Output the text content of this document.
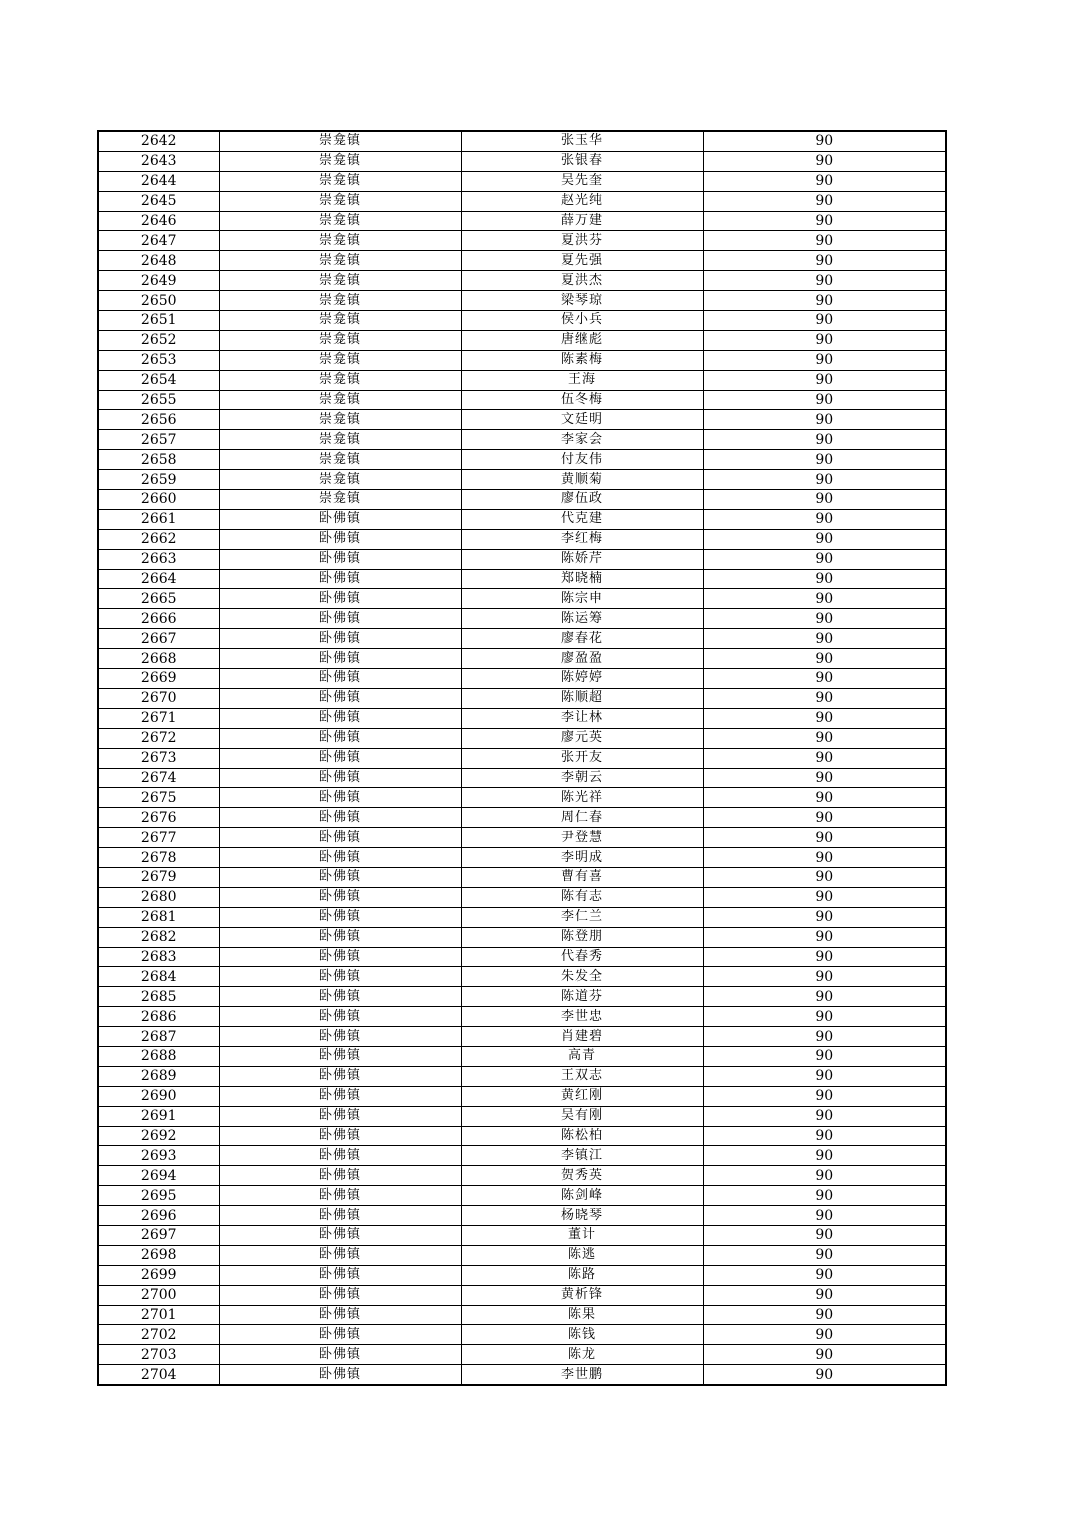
2642	崇龛镇	张玉华	90
2643	崇龛镇	张银春	90
2644	崇龛镇	吴先奎	90
2645	崇龛镇	赵光纯	90
2646	崇龛镇	薛万建	90
2647	崇龛镇	夏洪芬	90
2648	崇龛镇	夏先强	90
2649	崇龛镇	夏洪杰	90
2650	崇龛镇	梁琴琼	90
2651	崇龛镇	侯小兵	90
2652	崇龛镇	唐继彪	90
2653	崇龛镇	陈素梅	90
2654	崇龛镇	王海	90
2655	崇龛镇	伍冬梅	90
2656	崇龛镇	文廷明	90
2657	崇龛镇	李家会	90
2658	崇龛镇	付友伟	90
2659	崇龛镇	黄顺菊	90
2660	崇龛镇	廖伍政	90
2661	卧佛镇	代克建	90
2662	卧佛镇	李红梅	90
2663	卧佛镇	陈娇芹	90
2664	卧佛镇	郑晓楠	90
2665	卧佛镇	陈宗申	90
2666	卧佛镇	陈运筹	90
2667	卧佛镇	廖春花	90
2668	卧佛镇	廖盈盈	90
2669	卧佛镇	陈婷婷	90
2670	卧佛镇	陈顺超	90
2671	卧佛镇	李让林	90
2672	卧佛镇	廖元英	90
2673	卧佛镇	张开友	90
2674	卧佛镇	李朝云	90
2675	卧佛镇	陈光祥	90
2676	卧佛镇	周仁春	90
2677	卧佛镇	尹登慧	90
2678	卧佛镇	李明成	90
2679	卧佛镇	曹有喜	90
2680	卧佛镇	陈有志	90
2681	卧佛镇	李仁兰	90
2682	卧佛镇	陈登朋	90
2683	卧佛镇	代春秀	90
2684	卧佛镇	朱发全	90
2685	卧佛镇	陈道芬	90
2686	卧佛镇	李世忠	90
2687	卧佛镇	肖建碧	90
2688	卧佛镇	高青	90
2689	卧佛镇	王双志	90
2690	卧佛镇	黄红刚	90
2691	卧佛镇	吴有刚	90
2692	卧佛镇	陈松柏	90
2693	卧佛镇	李镇江	90
2694	卧佛镇	贺秀英	90
2695	卧佛镇	陈剑峰	90
2696	卧佛镇	杨晓琴	90
2697	卧佛镇	董计	90
2698	卧佛镇	陈逃	90
2699	卧佛镇	陈路	90
2700	卧佛镇	黄析锋	90
2701	卧佛镇	陈果	90
2702	卧佛镇	陈钱	90
2703	卧佛镇	陈龙	90
2704	卧佛镇	李世鹏	90
